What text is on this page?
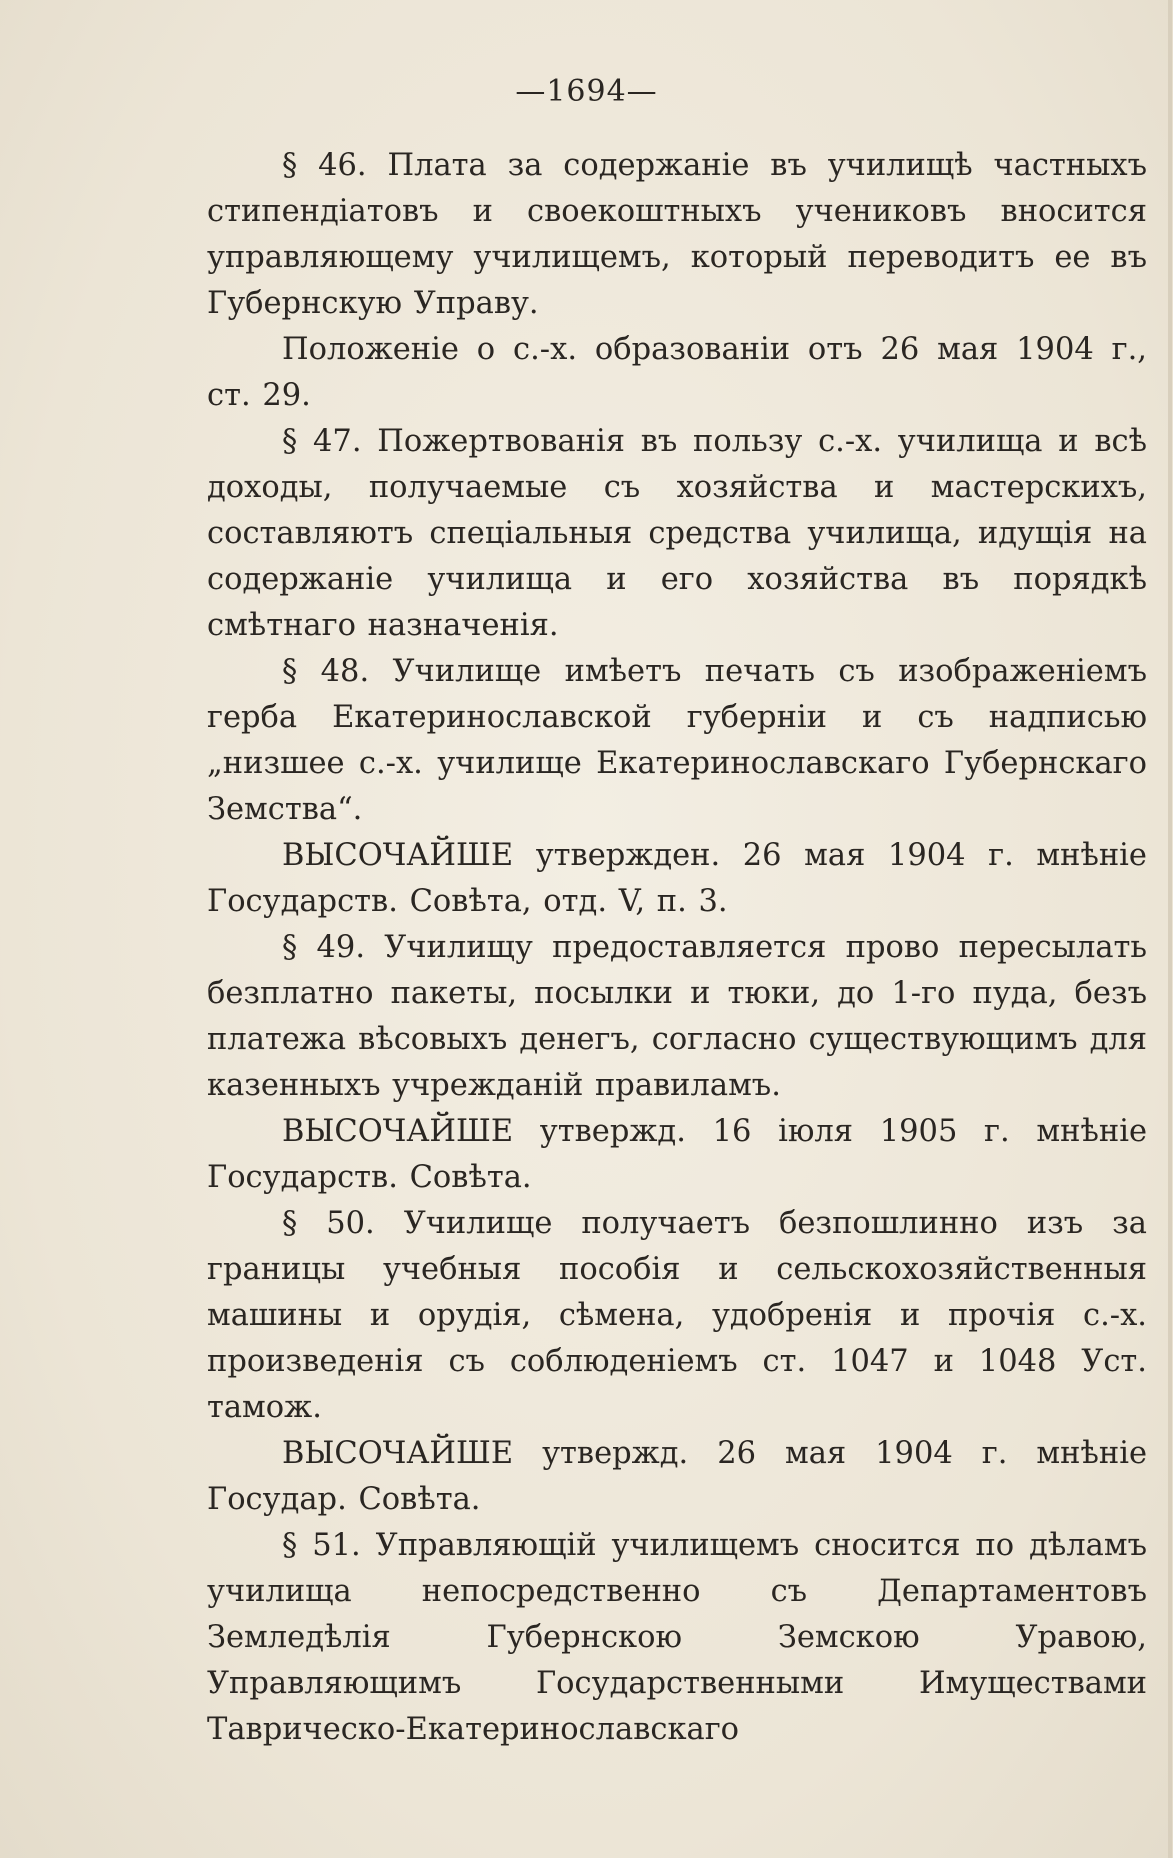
—1694—

§ 46. Плата за содержаніе въ училищѣ частныхъ стипендіатовъ и своекоштныхъ учениковъ вносится управляющему училищемъ, который переводитъ ее въ Губернскую Управу.

Положеніе о с.-х. образованіи отъ 26 мая 1904 г., ст. 29.

§ 47. Пожертвованія въ пользу с.-х. училища и всѣ доходы, получаемые съ хозяйства и мастерскихъ, составляютъ спеціальныя средства училища, идущія на содержаніе училища и его хозяйства въ порядкѣ смѣтнаго назначенія.

§ 48. Училище имѣетъ печать съ изображеніемъ герба Екатеринославской губерніи и съ надписью „низшее с.-х. училище Екатеринославскаго Губернскаго Земства“.

ВЫСОЧАЙШЕ утвержден. 26 мая 1904 г. мнѣніе Государств. Совѣта, отд. V, п. 3.

§ 49. Училищу предоставляется прово пересылать безплатно пакеты, посылки и тюки, до 1-го пуда, безъ платежа вѣсовыхъ денегъ, согласно существующимъ для казенныхъ учрежданій правиламъ.

ВЫСОЧАЙШЕ утвержд. 16 іюля 1905 г. мнѣніе Государств. Совѣта.

§ 50. Училище получаетъ безпошлинно изъ за границы учебныя пособія и сельскохозяйственныя машины и орудія, сѣмена, удобренія и прочія с.-х. произведенія съ соблюденіемъ ст. 1047 и 1048 Уст. тамож.

ВЫСОЧАЙШЕ утвержд. 26 мая 1904 г. мнѣніе Государ. Совѣта.

§ 51. Управляющій училищемъ сносится по дѣламъ училища непосредственно съ Департаментовъ Земледѣлія Губернскою Земскою Уравою, Управляющимъ Государственными Имуществами Таврическо-Екатеринославскаго
